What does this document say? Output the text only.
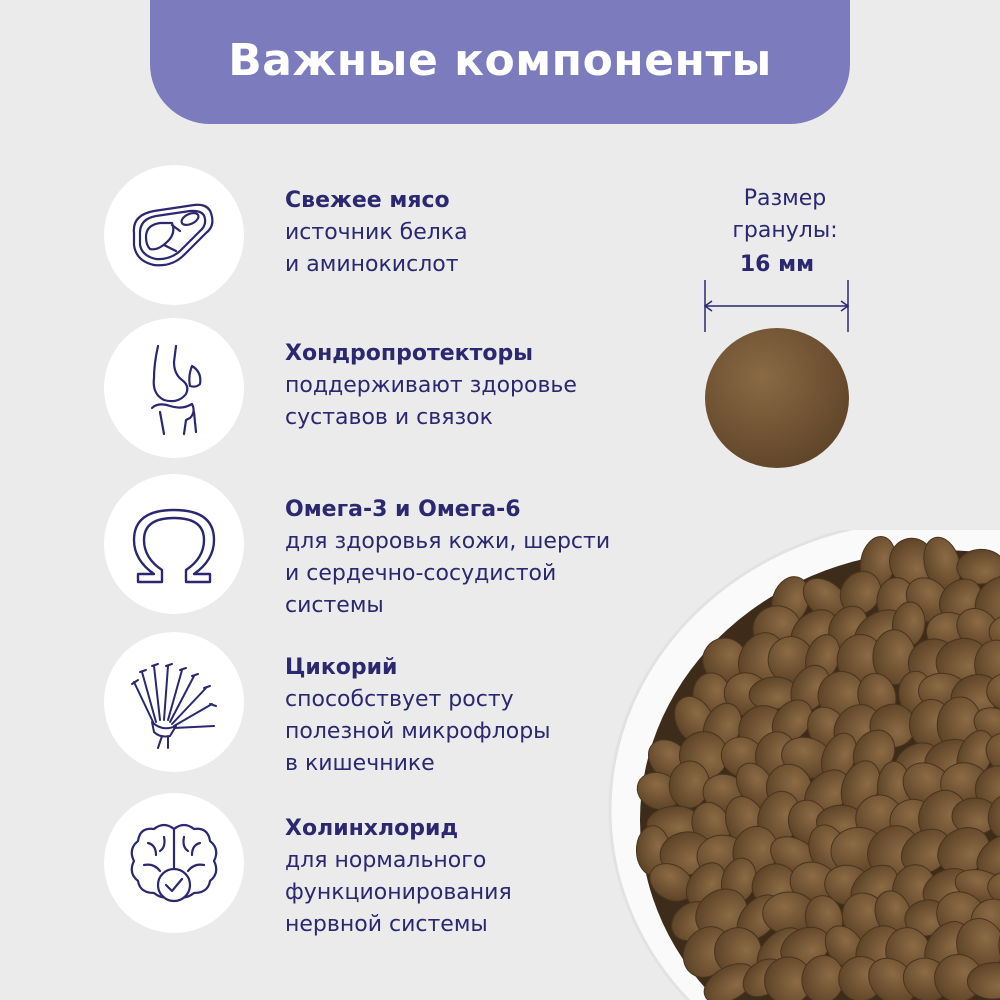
Важные компоненты
Свежее мясо
источник белка
и аминокислот
Хондропротекторы
поддерживают здоровье
суставов и связок
Омега-3 и Омега-6
для здоровья кожи, шерсти
и сердечно-сосудистой
системы
Цикорий
способствует росту
полезной микрофлоры
в кишечнике
Холинхлорид
для нормального
функционирования
нервной системы
Размер
гранулы:
16 мм
